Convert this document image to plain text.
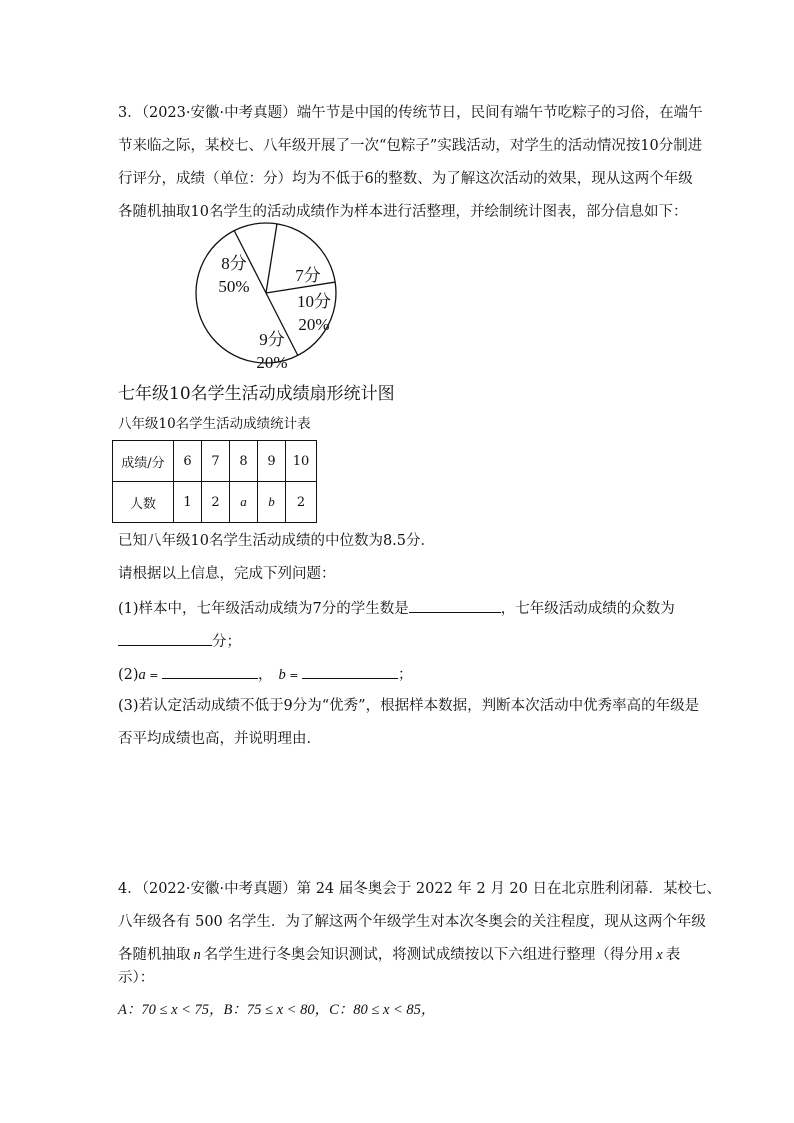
3．（2023·安徽·中考真题）端午节是中国的传统节日，民间有端午节吃粽子的习俗，在端午
节来临之际，某校七、八年级开展了一次“包粽子”实践活动，对学生的活动情况按10分制进
行评分，成绩（单位：分）均为不低于6的整数、为了解这次活动的效果，现从这两个年级
各随机抽取10名学生的活动成绩作为样本进行活整理，并绘制统计图表，部分信息如下：
8分
50%
7分
10分
20%
9分
20%
七年级10名学生活动成绩扇形统计图
八年级10名学生活动成绩统计表
成绩/分	6	7	8	9	10
人数	1	2	a	b	2
已知八年级10名学生活动成绩的中位数为8.5分．
请根据以上信息，完成下列问题：
(1)样本中，七年级活动成绩为7分的学生数是	，七年级活动成绩的众数为
分；
(2)a =	， b =	；
(3)若认定活动成绩不低于9分为“优秀”，根据样本数据，判断本次活动中优秀率高的年级是
否平均成绩也高，并说明理由．
4．（2022·安徽·中考真题）第 24 届冬奥会于 2022 年 2 月 20 日在北京胜利闭幕．某校七、
八年级各有 500 名学生．为了解这两个年级学生对本次冬奥会的关注程度，现从这两个年级
各随机抽取 n 名学生进行冬奥会知识测试，将测试成绩按以下六组进行整理（得分用 x 表
示）：
A：70 ≤ x < 75，B：75 ≤ x < 80，C：80 ≤ x < 85，
